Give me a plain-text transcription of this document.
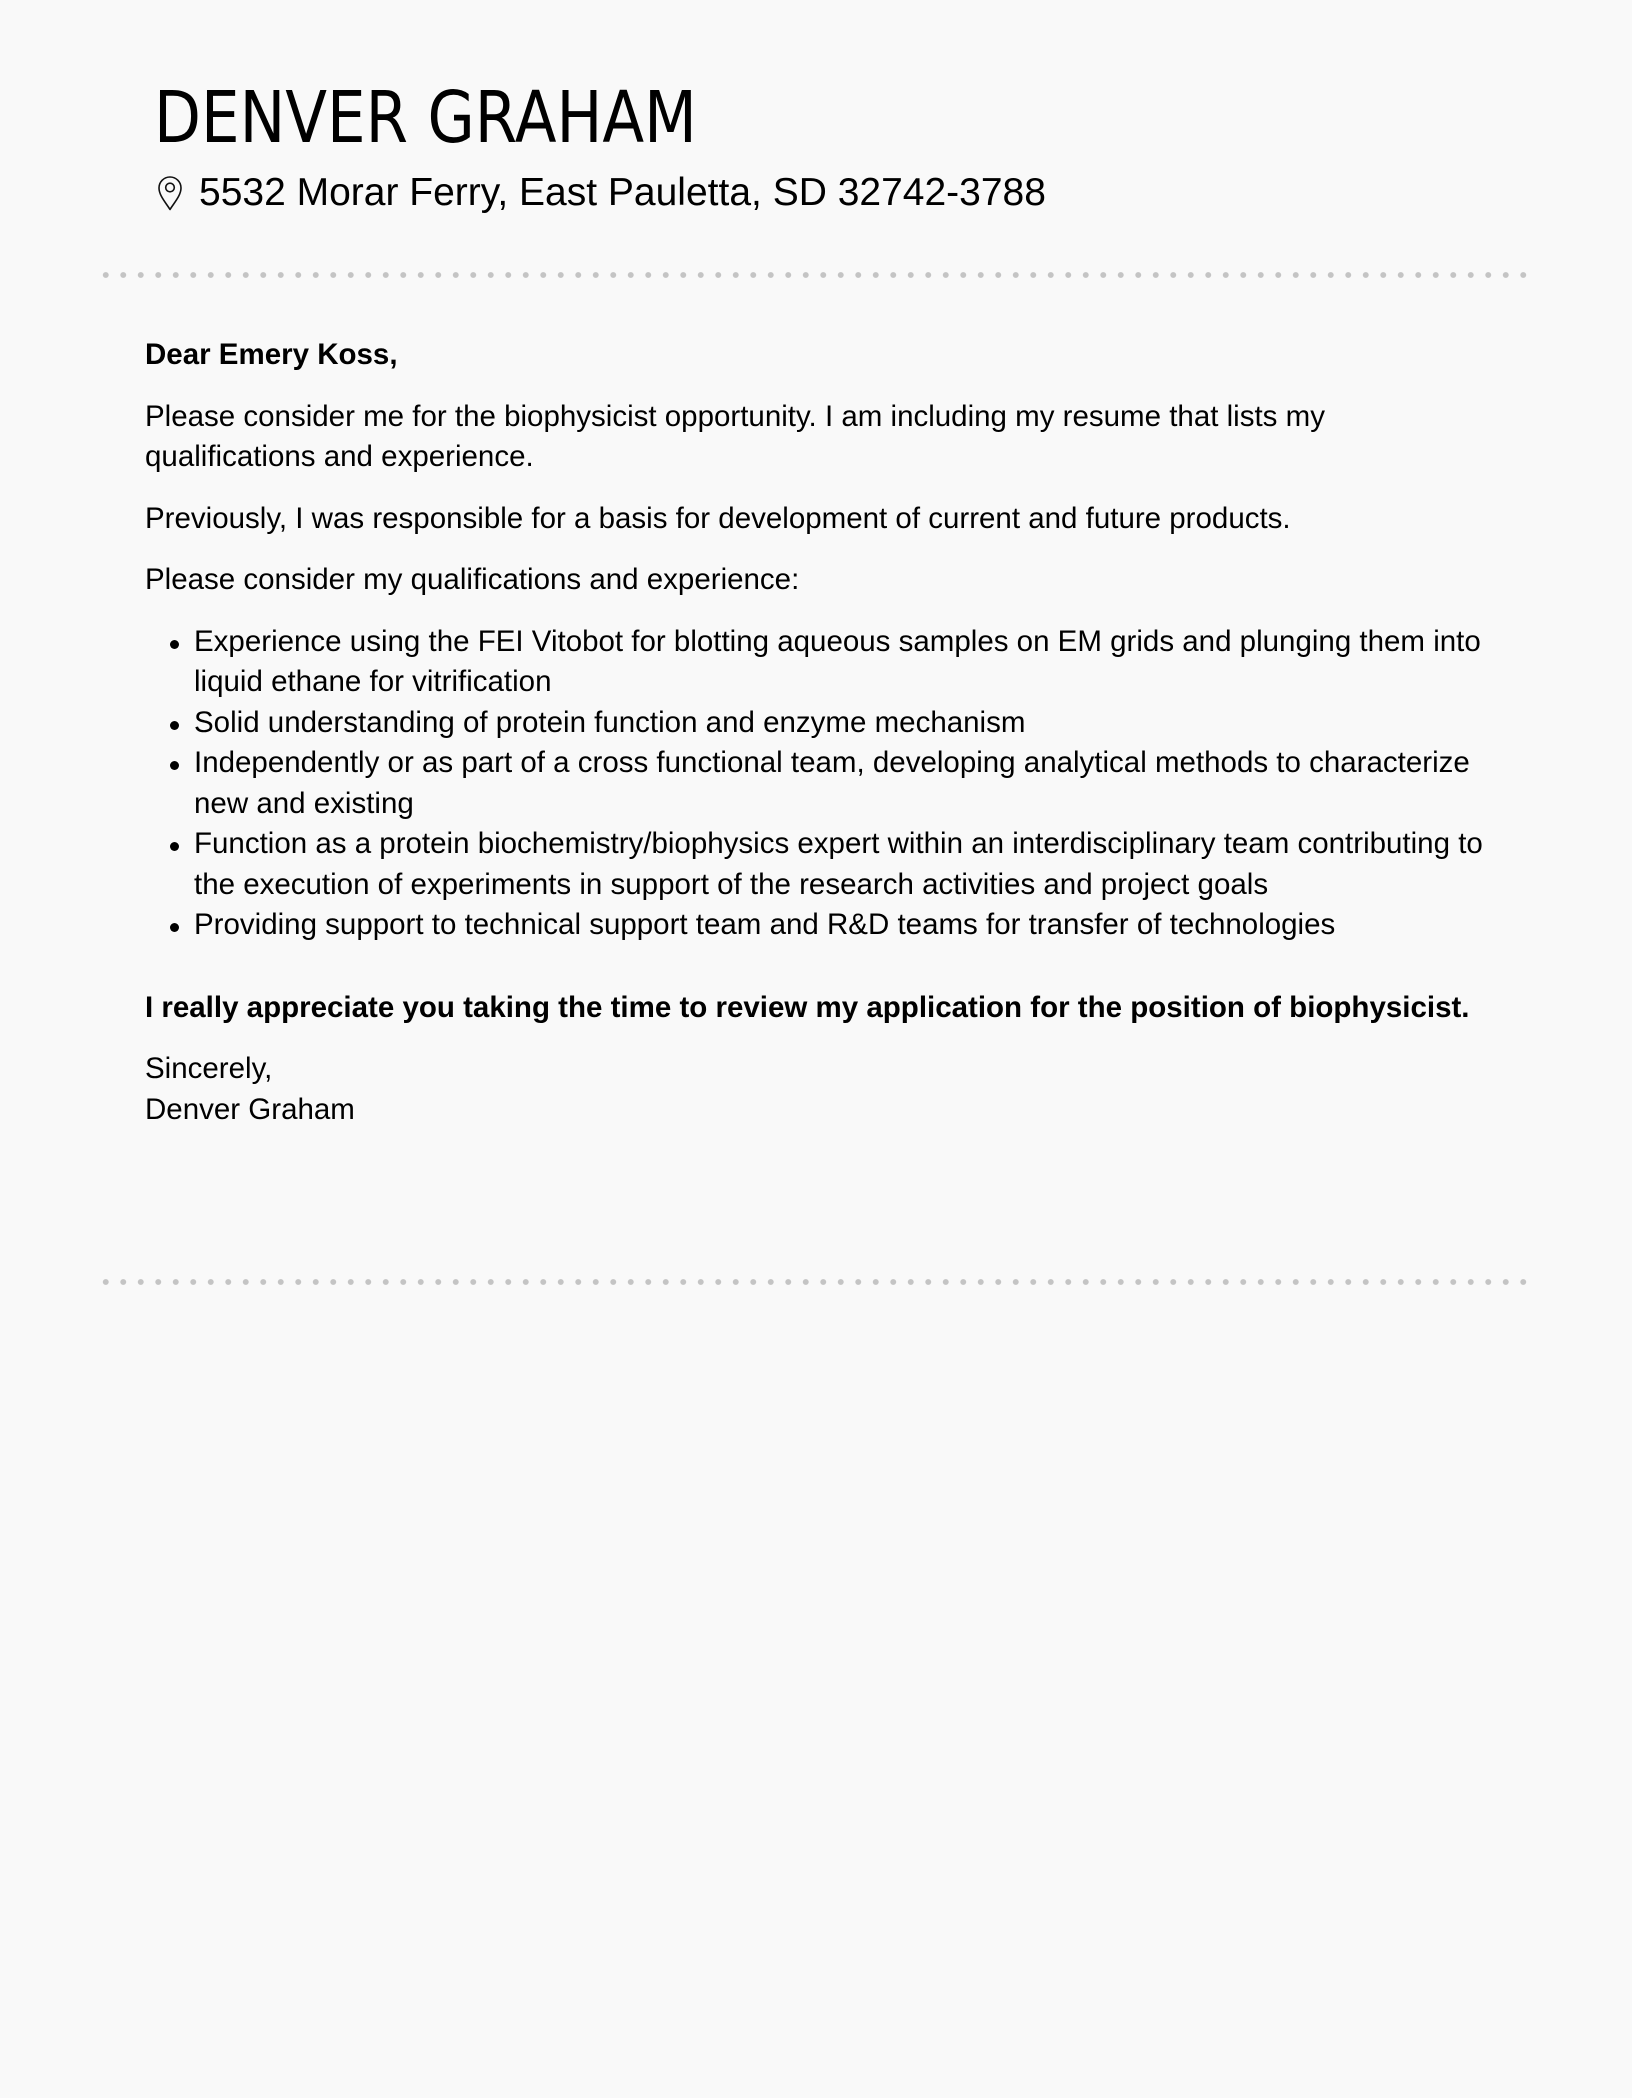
DENVER GRAHAM
5532 Morar Ferry, East Pauletta, SD 32742-3788

Dear Emery Koss,

Please consider me for the biophysicist opportunity. I am including my resume that lists my qualifications and experience.

Previously, I was responsible for a basis for development of current and future products.

Please consider my qualifications and experience:

Experience using the FEI Vitobot for blotting aqueous samples on EM grids and plunging them into liquid ethane for vitrification
Solid understanding of protein function and enzyme mechanism
Independently or as part of a cross functional team, developing analytical methods to characterize new and existing
Function as a protein biochemistry/biophysics expert within an interdisciplinary team contributing to the execution of experiments in support of the research activities and project goals
Providing support to technical support team and R&D teams for transfer of technologies

I really appreciate you taking the time to review my application for the position of biophysicist.

Sincerely,
Denver Graham
